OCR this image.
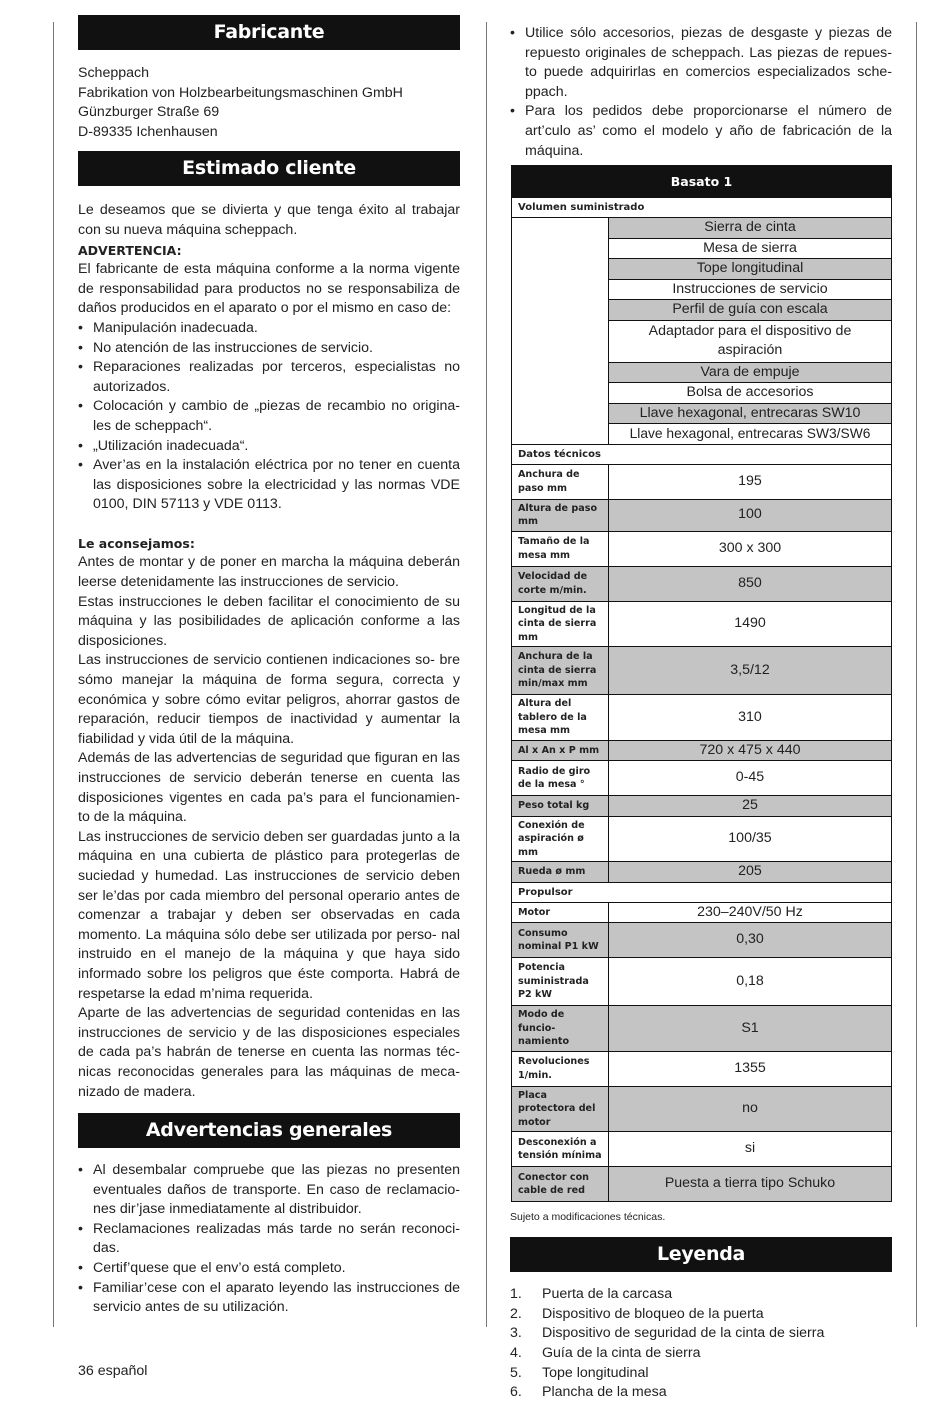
Fabricante
Scheppach
Fabrikation von Holzbearbeitungsmaschinen GmbH
Günzburger Straße 69
D-89335 Ichenhausen
Estimado cliente

Le deseamos que se divierta y que tenga éxito al trabajar con su nueva máquina scheppach.

ADVERTENCIA:

El fabricante de esta máquina conforme a la norma vigente de responsabilidad para productos no se responsabiliza de daños producidos en el aparato o por el mismo en caso de:

• Manipulación inadecuada.
• No atención de las instrucciones de servicio.
• Reparaciones realizadas por terceros, especialistas no autorizados.
• Colocación y cambio de „piezas de recambio no origina- les de scheppach“.
• „Utilización inadecuada“.
• Aver’as en la instalación eléctrica por no tener en cuenta las disposiciones sobre la electricidad y las normas VDE 0100, DIN 57113 y VDE 0113.
Le aconsejamos:

Antes de montar y de poner en marcha la máquina deberán leerse detenidamente las instrucciones de servicio.

Estas instrucciones le deben facilitar el conocimiento de su máquina y las posibilidades de aplicación conforme a las disposiciones.

Las instrucciones de servicio contienen indicaciones so- bre sómo manejar la máquina de forma segura, correcta y económica y sobre cómo evitar peligros, ahorrar gastos de reparación, reducir tiempos de inactividad y aumentar la fiabilidad y vida útil de la máquina.

Además de las advertencias de seguridad que figuran en las instrucciones de servicio deberán tenerse en cuenta las disposiciones vigentes en cada pa’s para el funcionamien- to de la máquina.

Las instrucciones de servicio deben ser guardadas junto a la máquina en una cubierta de plástico para protegerlas de suciedad y humedad. Las instrucciones de servicio deben ser le’das por cada miembro del personal operario antes de comenzar a trabajar y deben ser observadas en cada momento. La máquina sólo debe ser utilizada por perso- nal instruido en el manejo de la máquina y que haya sido informado sobre los peligros que éste comporta. Habrá de respetarse la edad m’nima requerida.

Aparte de las advertencias de seguridad contenidas en las instrucciones de servicio y de las disposiciones especiales de cada pa’s habrán de tenerse en cuenta las normas téc- nicas reconocidas generales para las máquinas de meca- nizado de madera.

Advertencias generales
• Al desembalar compruebe que las piezas no presenten eventuales daños de transporte. En caso de reclamacio- nes dir’jase inmediatamente al distribuidor.
• Reclamaciones realizadas más tarde no serán reconoci- das.
• Certif’quese que el env’o está completo.
• Familiar’cese con el aparato leyendo las instrucciones de servicio antes de su utilización.
• Utilice sólo accesorios, piezas de desgaste y piezas de repuesto originales de scheppach. Las piezas de repues- to puede adquirirlas en comercios especializados sche- ppach.
• Para los pedidos debe proporcionarse el número de art’culo as’ como el modelo y año de fabricación de la máquina.
Basato 1	
Volumen suministrado	
	Sierra de cinta
	Mesa de sierra
	Tope longitudinal
	Instrucciones de servicio
	Perfil de guía con escala
	Adaptador para el dispositivo de aspiración
	Vara de empuje
	Bolsa de accesorios
	Llave hexagonal, entrecaras SW10
	Llave hexagonal, entrecaras SW3/SW6
Datos técnicos	
Anchura de paso mm	195
Altura de paso mm	100
Tamaño de la mesa mm	300 x 300
Velocidad de corte m/min.	850
Longitud de la cinta de sierra mm	1490
Anchura de la cinta de sierra min/max mm	3,5/12
Altura del tablero de la mesa mm	310
Al x An x P mm	720 x 475 x 440
Radio de giro de la mesa °	0-45
Peso total kg	25
Conexión de aspiración ø mm	100/35
Rueda ø mm	205
Propulsor	
Motor	230–240V/50 Hz
Consumo nominal P1 kW	0,30
Potencia suministrada P2 kW	0,18
Modo de funcio- namiento	S1
Revoluciones 1/min.	1355
Placa protectora del motor	no
Desconexión a tensión mínima	si
Conector con cable de red	Puesta a tierra tipo Schuko
Sujeto a modificaciones técnicas.
Leyenda
1.	Puerta de la carcasa
2.	Dispositivo de bloqueo de la puerta
3.	Dispositivo de seguridad de la cinta de sierra
4.	Guía de la cinta de sierra
5.	Tope longitudinal
6.	Plancha de la mesa
36 español
